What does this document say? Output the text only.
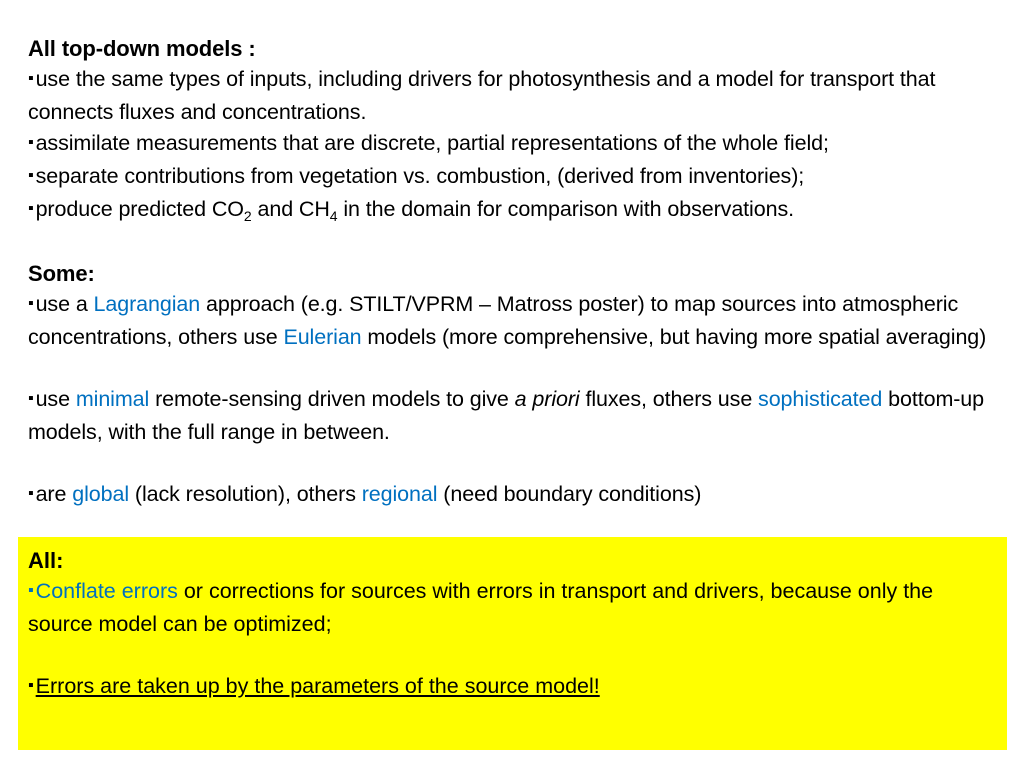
All top-down models :

▪use the same types of inputs, including drivers for photosynthesis and a model for transport that connects fluxes and concentrations.

▪assimilate measurements that are discrete, partial representations of the whole field;

▪separate contributions from vegetation vs. combustion, (derived from inventories);

▪produce predicted $CO_2$ and $CH_4$ in the domain for comparison with observations.

Some:

▪use a Lagrangian approach (e.g. STILT/VPRM – Matross poster) to map sources into atmospheric concentrations, others use Eulerian models (more comprehensive, but having more spatial averaging)

▪use minimal remote-sensing driven models to give a priori fluxes, others use sophisticated bottom-up models, with the full range in between.

▪are global (lack resolution), others regional (need boundary conditions)

All:

▪Conflate errors or corrections for sources with errors in transport and drivers, because only the source model can be optimized;

▪Errors are taken up by the parameters of the source model!
